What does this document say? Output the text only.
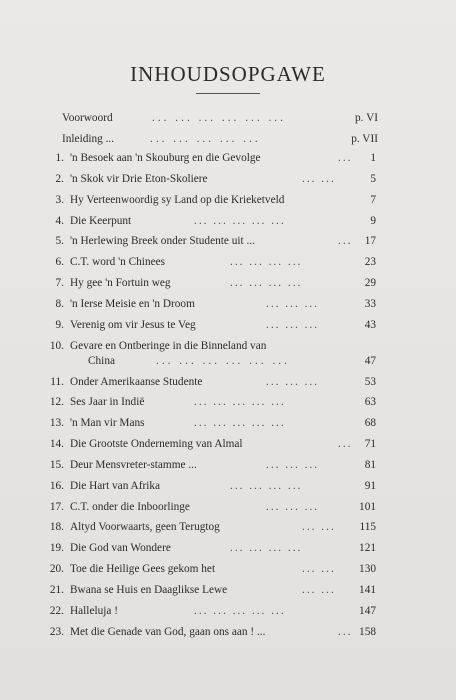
INHOUDSOPGAWE
Voorwoord	... ... ... ... ... ...	p. VI
Inleiding ...	... ... ... ... ...	p. VII
1. 'n Besoek aan 'n Skouburg en die Gevolge	... 1
2. 'n Skok vir Drie Eton-Skoliere	... ...	5
3. Hy Verteenwoordig sy Land op die Krieketveld	7
4. Die Keerpunt	... ... ... ... ...	9
5. 'n Herlewing Breek onder Studente uit ...	... 17
6. C.T. word 'n Chinees	... ... ... ...	23
7. Hy gee 'n Fortuin weg	... ... ... ...	29
8. 'n Ierse Meisie en 'n Droom	... ... ...	33
9. Verenig om vir Jesus te Veg	... ... ...	43
10. Gevare en Ontberinge in die Binneland van
China	... ... ... ... ... ...	47
11. Onder Amerikaanse Studente	... ... ...	53
12. Ses Jaar in Indië	... ... ... ... ...	63
13. 'n Man vir Mans	... ... ... ... ...	68
14. Die Grootste Onderneming van Almal	... 71
15. Deur Mensvreter-stamme ...	... ... ...	81
16. Die Hart van Afrika	... ... ... ...	91
17. C.T. onder die Inboorlinge	... ... ...	101
18. Altyd Voorwaarts, geen Terugtog	... ... 115
19. Die God van Wondere	... ... ... ...	121
20. Toe die Heilige Gees gekom het	... ... 130
21. Bwana se Huis en Daaglikse Lewe	... ... 141
22. Halleluja !	... ... ... ... ...	147
23. Met die Genade van God, gaan ons aan ! ...	... 158
